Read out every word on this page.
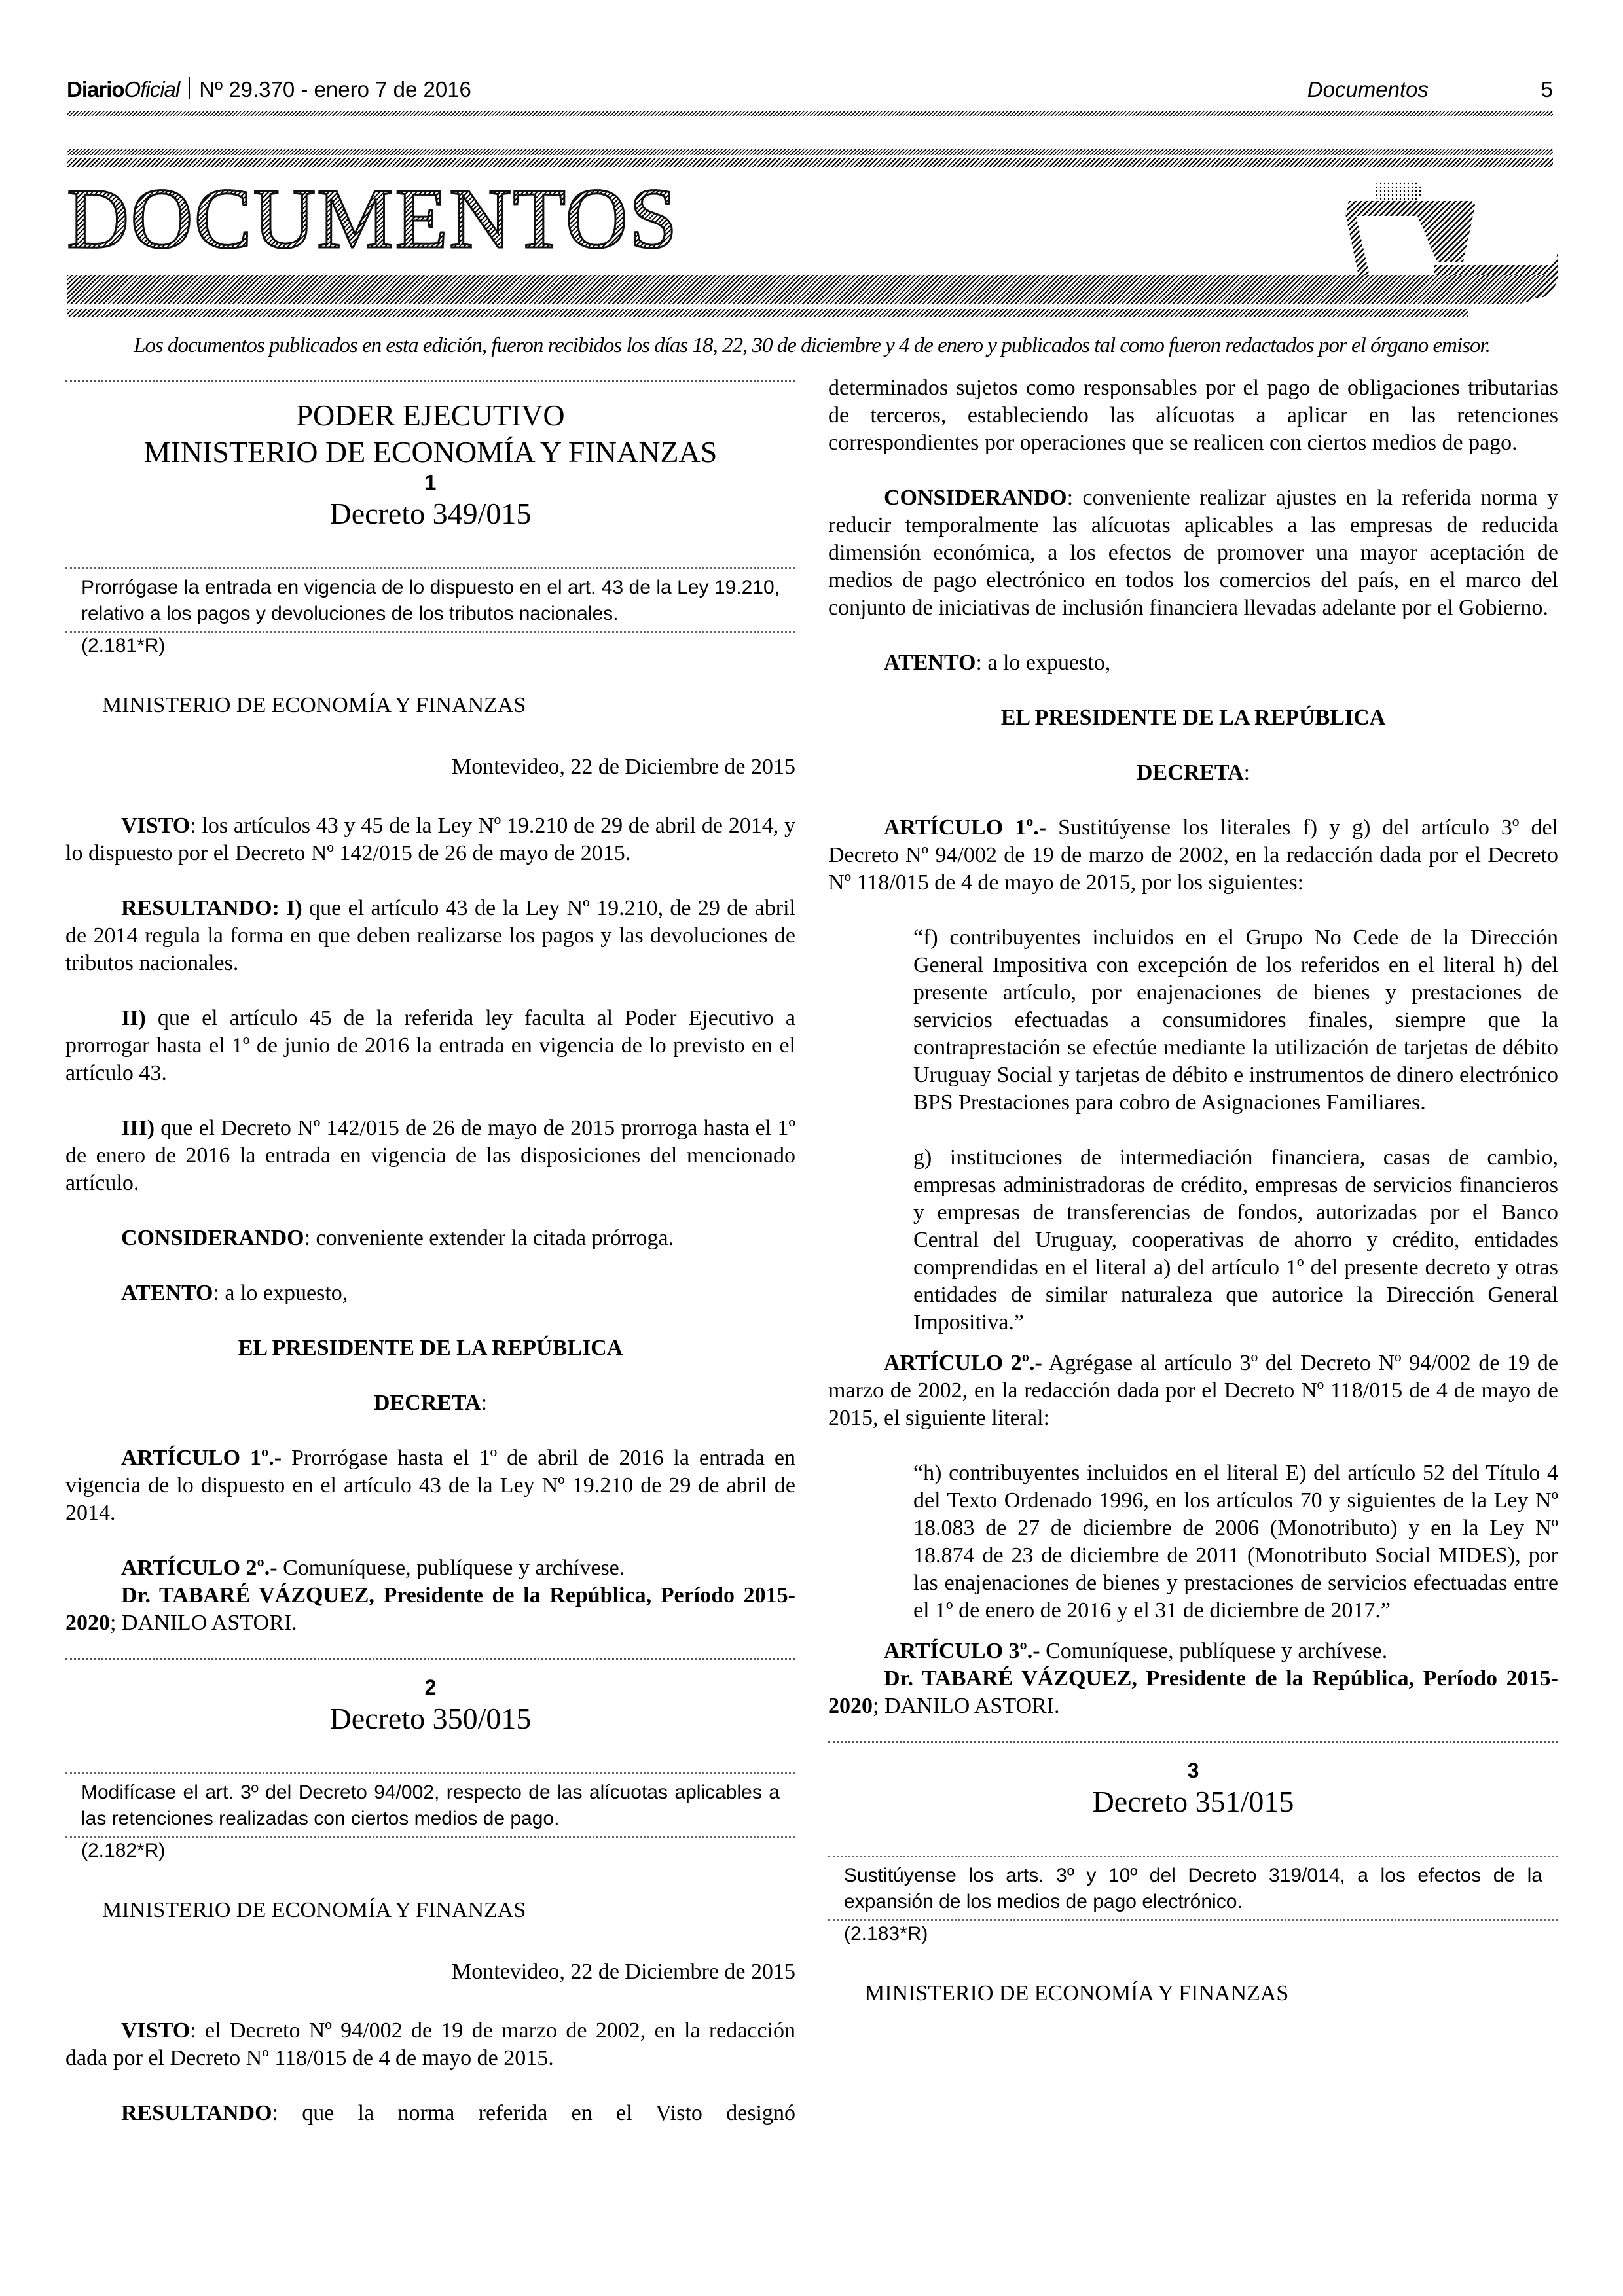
DiarioOficial Nº 29.370 - enero 7 de 2016	Documentos	5
DOCUMENTOS
Los documentos publicados en esta edición, fueron recibidos los días 18, 22, 30 de diciembre y 4 de enero y publicados tal como fueron redactados por el órgano emisor.
PODER EJECUTIVO
MINISTERIO DE ECONOMÍA Y FINANZAS
1
Decreto 349/015
Prorrógase la entrada en vigencia de lo dispuesto en el art. 43 de la Ley 19.210, relativo a los pagos y devoluciones de los tributos nacionales.
(2.181*R)
MINISTERIO DE ECONOMÍA Y FINANZAS
Montevideo, 22 de Diciembre de 2015

VISTO: los artículos 43 y 45 de la Ley Nº 19.210 de 29 de abril de 2014, y lo dispuesto por el Decreto Nº 142/015 de 26 de mayo de 2015.

RESULTANDO: I) que el artículo 43 de la Ley Nº 19.210, de 29 de abril de 2014 regula la forma en que deben realizarse los pagos y las devoluciones de tributos nacionales.

II) que el artículo 45 de la referida ley faculta al Poder Ejecutivo a prorrogar hasta el 1º de junio de 2016 la entrada en vigencia de lo previsto en el artículo 43.

III) que el Decreto Nº 142/015 de 26 de mayo de 2015 prorroga hasta el 1º de enero de 2016 la entrada en vigencia de las disposiciones del mencionado artículo.

CONSIDERANDO: conveniente extender la citada prórroga.

ATENTO: a lo expuesto,

EL PRESIDENTE DE LA REPÚBLICA

DECRETA:

ARTÍCULO 1º.- Prorrógase hasta el 1º de abril de 2016 la entrada en vigencia de lo dispuesto en el artículo 43 de la Ley Nº 19.210 de 29 de abril de 2014.

ARTÍCULO 2º.- Comuníquese, publíquese y archívese.

Dr. TABARÉ VÁZQUEZ, Presidente de la República, Período 2015-2020; DANILO ASTORI.

2
Decreto 350/015
Modifícase el art. 3º del Decreto 94/002, respecto de las alícuotas aplicables a las retenciones realizadas con ciertos medios de pago.
(2.182*R)
MINISTERIO DE ECONOMÍA Y FINANZAS
Montevideo, 22 de Diciembre de 2015

VISTO: el Decreto Nº 94/002 de 19 de marzo de 2002, en la redacción dada por el Decreto Nº 118/015 de 4 de mayo de 2015.

RESULTANDO: que la norma referida en el Visto designó

determinados sujetos como responsables por el pago de obligaciones tributarias de terceros, estableciendo las alícuotas a aplicar en las retenciones correspondientes por operaciones que se realicen con ciertos medios de pago.

CONSIDERANDO: conveniente realizar ajustes en la referida norma y reducir temporalmente las alícuotas aplicables a las empresas de reducida dimensión económica, a los efectos de promover una mayor aceptación de medios de pago electrónico en todos los comercios del país, en el marco del conjunto de iniciativas de inclusión financiera llevadas adelante por el Gobierno.

ATENTO: a lo expuesto,

EL PRESIDENTE DE LA REPÚBLICA

DECRETA:

ARTÍCULO 1º.- Sustitúyense los literales f) y g) del artículo 3º del Decreto Nº 94/002 de 19 de marzo de 2002, en la redacción dada por el Decreto Nº 118/015 de 4 de mayo de 2015, por los siguientes:

“f) contribuyentes incluidos en el Grupo No Cede de la Dirección General Impositiva con excepción de los referidos en el literal h) del presente artículo, por enajenaciones de bienes y prestaciones de servicios efectuadas a consumidores finales, siempre que la contraprestación se efectúe mediante la utilización de tarjetas de débito Uruguay Social y tarjetas de débito e instrumentos de dinero electrónico BPS Prestaciones para cobro de Asignaciones Familiares.

g) instituciones de intermediación financiera, casas de cambio, empresas administradoras de crédito, empresas de servicios financieros y empresas de transferencias de fondos, autorizadas por el Banco Central del Uruguay, cooperativas de ahorro y crédito, entidades comprendidas en el literal a) del artículo 1º del presente decreto y otras entidades de similar naturaleza que autorice la Dirección General Impositiva.”

ARTÍCULO 2º.- Agrégase al artículo 3º del Decreto Nº 94/002 de 19 de marzo de 2002, en la redacción dada por el Decreto Nº 118/015 de 4 de mayo de 2015, el siguiente literal:

“h) contribuyentes incluidos en el literal E) del artículo 52 del Título 4 del Texto Ordenado 1996, en los artículos 70 y siguientes de la Ley Nº 18.083 de 27 de diciembre de 2006 (Monotributo) y en la Ley Nº 18.874 de 23 de diciembre de 2011 (Monotributo Social MIDES), por las enajenaciones de bienes y prestaciones de servicios efectuadas entre el 1º de enero de 2016 y el 31 de diciembre de 2017.”

ARTÍCULO 3º.- Comuníquese, publíquese y archívese.

Dr. TABARÉ VÁZQUEZ, Presidente de la República, Período 2015-2020; DANILO ASTORI.

3
Decreto 351/015
Sustitúyense los arts. 3º y 10º del Decreto 319/014, a los efectos de la expansión de los medios de pago electrónico.
(2.183*R)
MINISTERIO DE ECONOMÍA Y FINANZAS
